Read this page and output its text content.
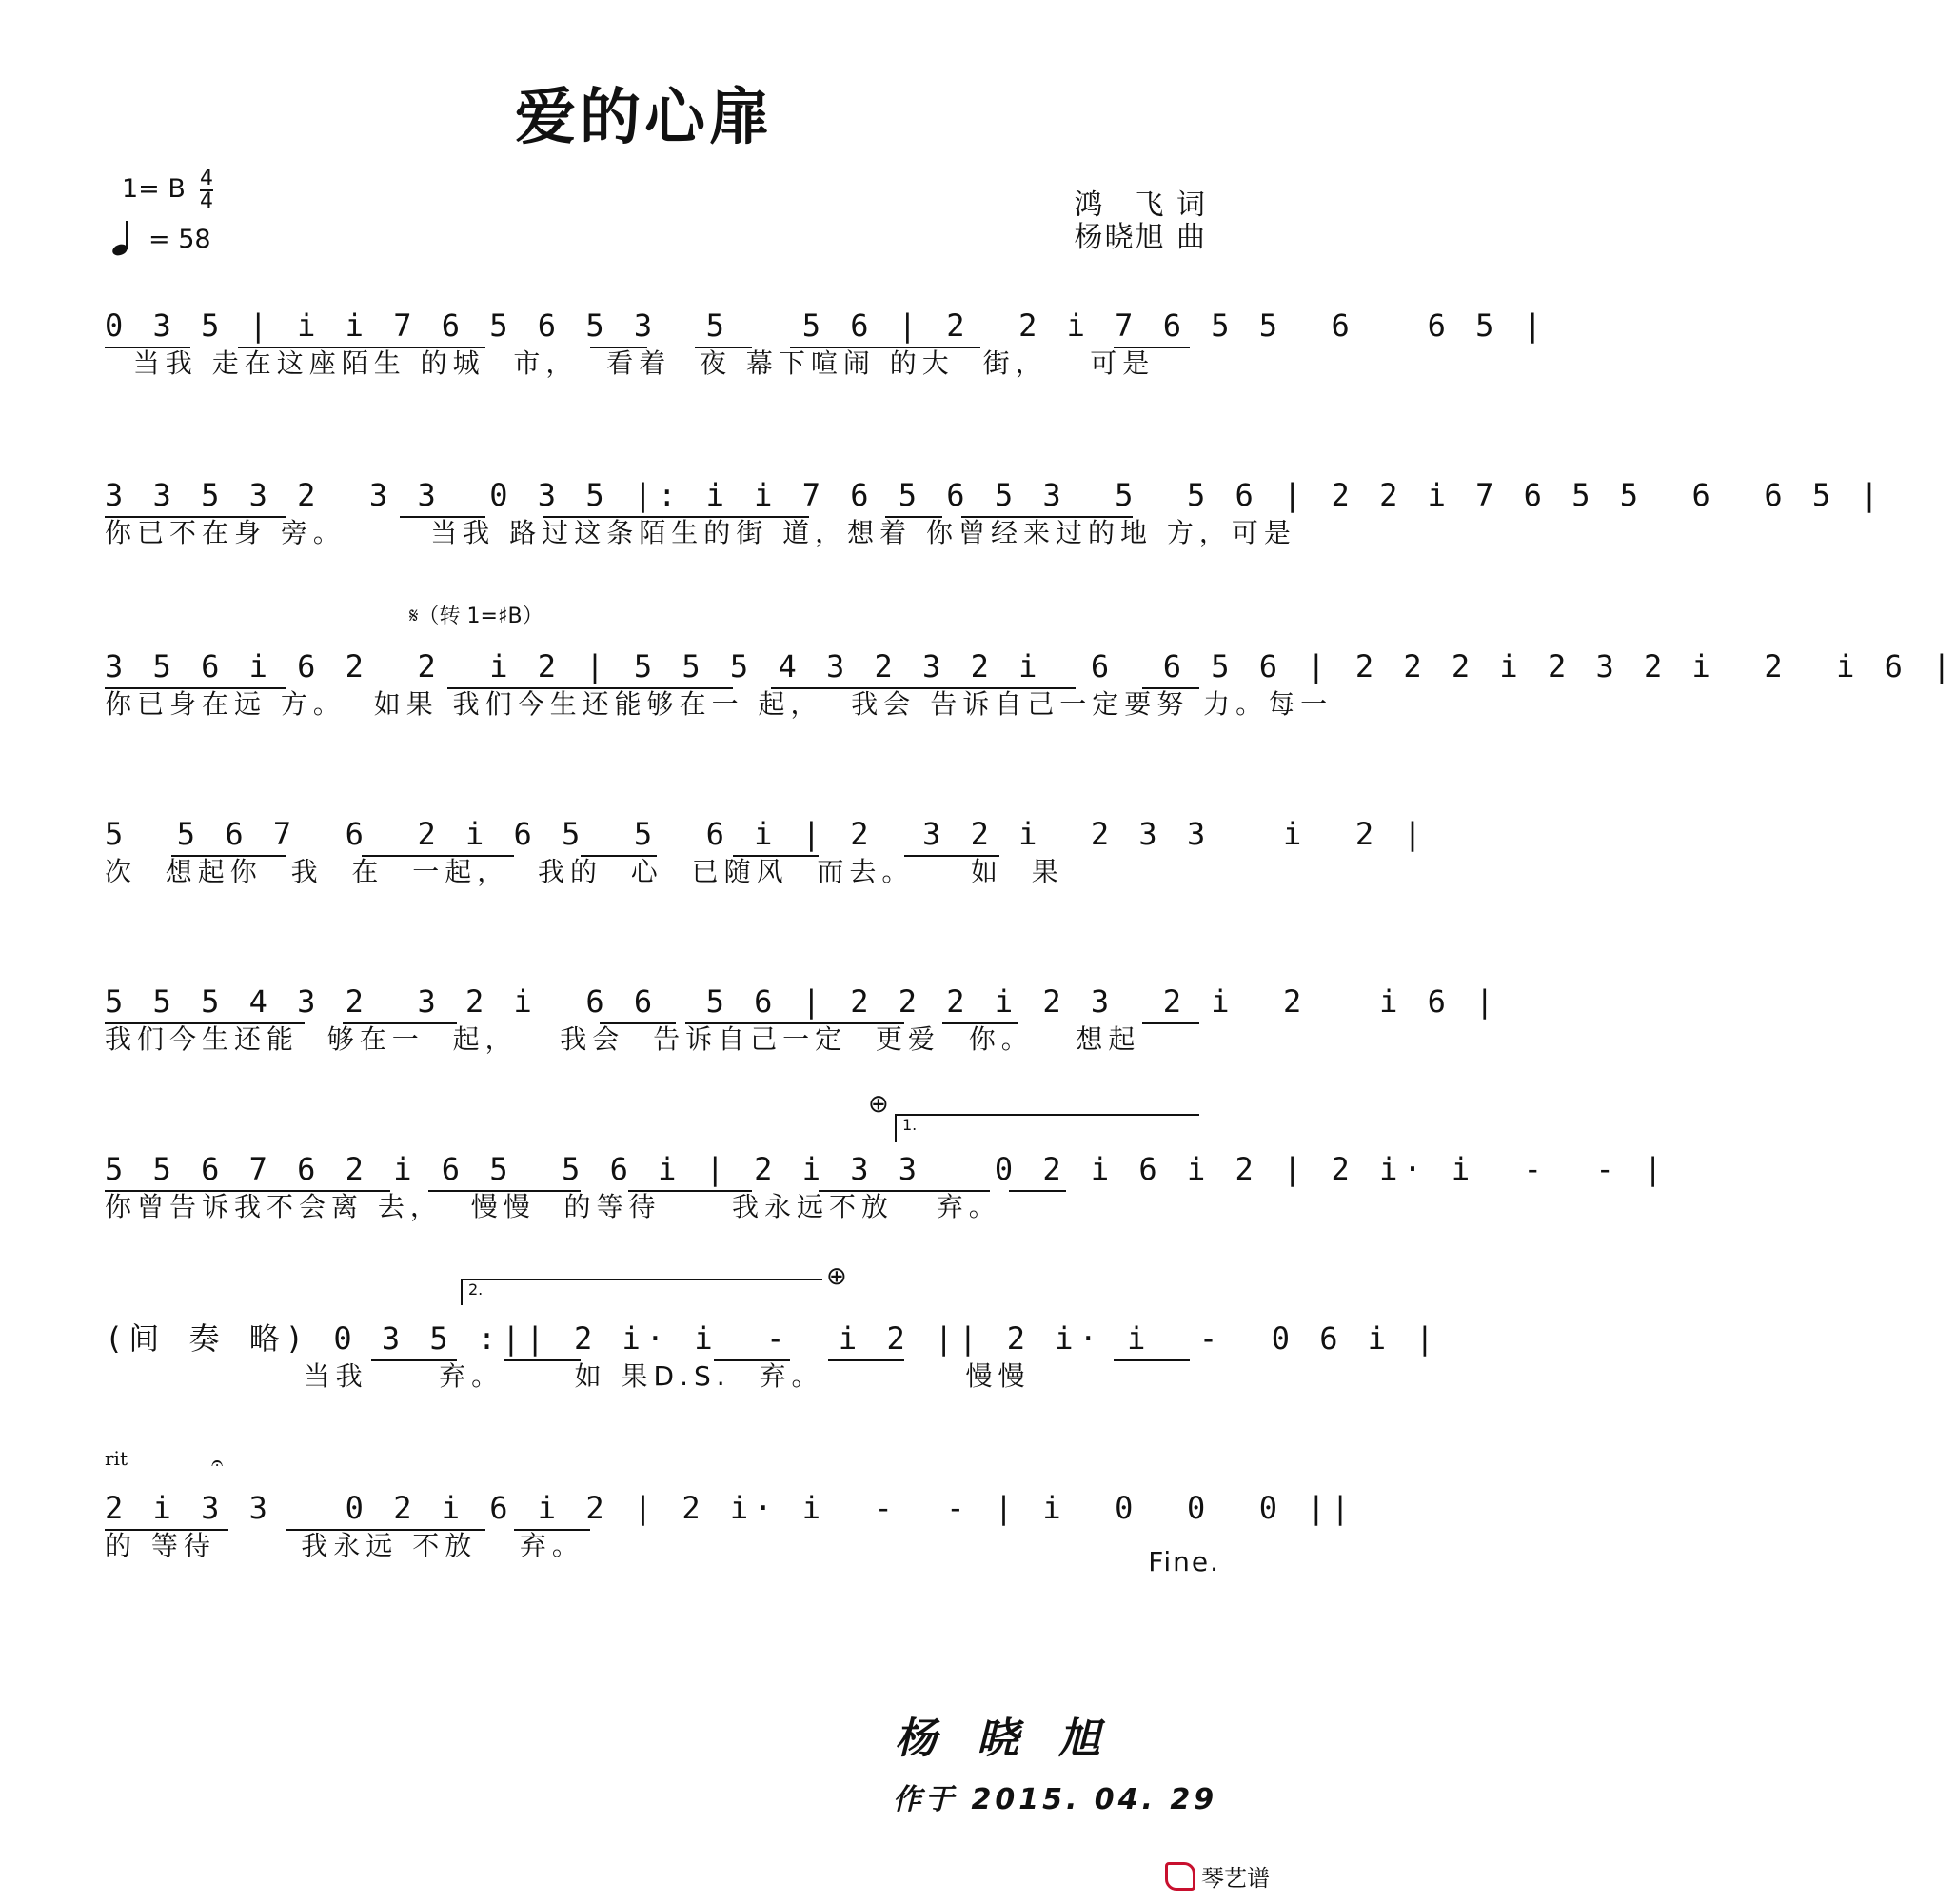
爱的心扉
1= B 4
4
= 58
鸿　飞 词
杨晓旭 曲
0 3 5 | i i 7 6 5 6 5 3  5   5 6 | 2  2 i 7 6 5 5  6   6 5 |
当我 走在这座陌生 的城  市，  看着  夜 幕下喧闹 的大  街，   可是
3 3 5 3 2  3 3  0 3 5 |: i i 7 6 5 6 5 3  5  5 6 | 2 2 i 7 6 5 5  6  6 5 |
你已不在身 旁。      当我 路过这条陌生的街 道，想着 你曾经来过的地 方，可是
𝄋（转 1=♯B）
3 5 6 i 6 2  2  i 2 | 5 5 5 4 3 2 3 2 i  6  6 5 6 | 2 2 2 i 2 3 2 i  2  i 6 |
你已身在远 方。  如果 我们今生还能够在一 起，  我会 告诉自己一定要努 力。每一
5  5 6 7  6  2 i 6 5  5  6 i | 2  3 2 i  2 3 3   i  2 |
次  想起你  我  在  一起，  我的  心  已随风  而去。    如  果
5 5 5 4 3 2  3 2 i  6 6  5 6 | 2 2 2 i 2 3  2 i  2   i 6 |
我们今生还能  够在一  起，   我会  告诉自己一定  更爱  你。   想起
⊕
1.
5 5 6 7 6 2 i 6 5  5 6 i | 2 i 3 3   0 2 i 6 i 2 | 2 i· i  -  - |
你曾告诉我不会离 去，  慢慢  的等待     我永远不放   弃。
2.	⊕
(间 奏 略) 0 3 5 :|| 2 i· i  -  i 2 || 2 i· i  -  0 6 i |
当我     弃。     如 果D.S.  弃。          慢慢
rit	𝄐
2 i 3 3   0 2 i 6 i 2 | 2 i· i  -  - | i  0  0  0 ||
的 等待      我永远 不放   弃。
Fine.
杨晓旭
作于 2015. 04. 29
琴艺谱
